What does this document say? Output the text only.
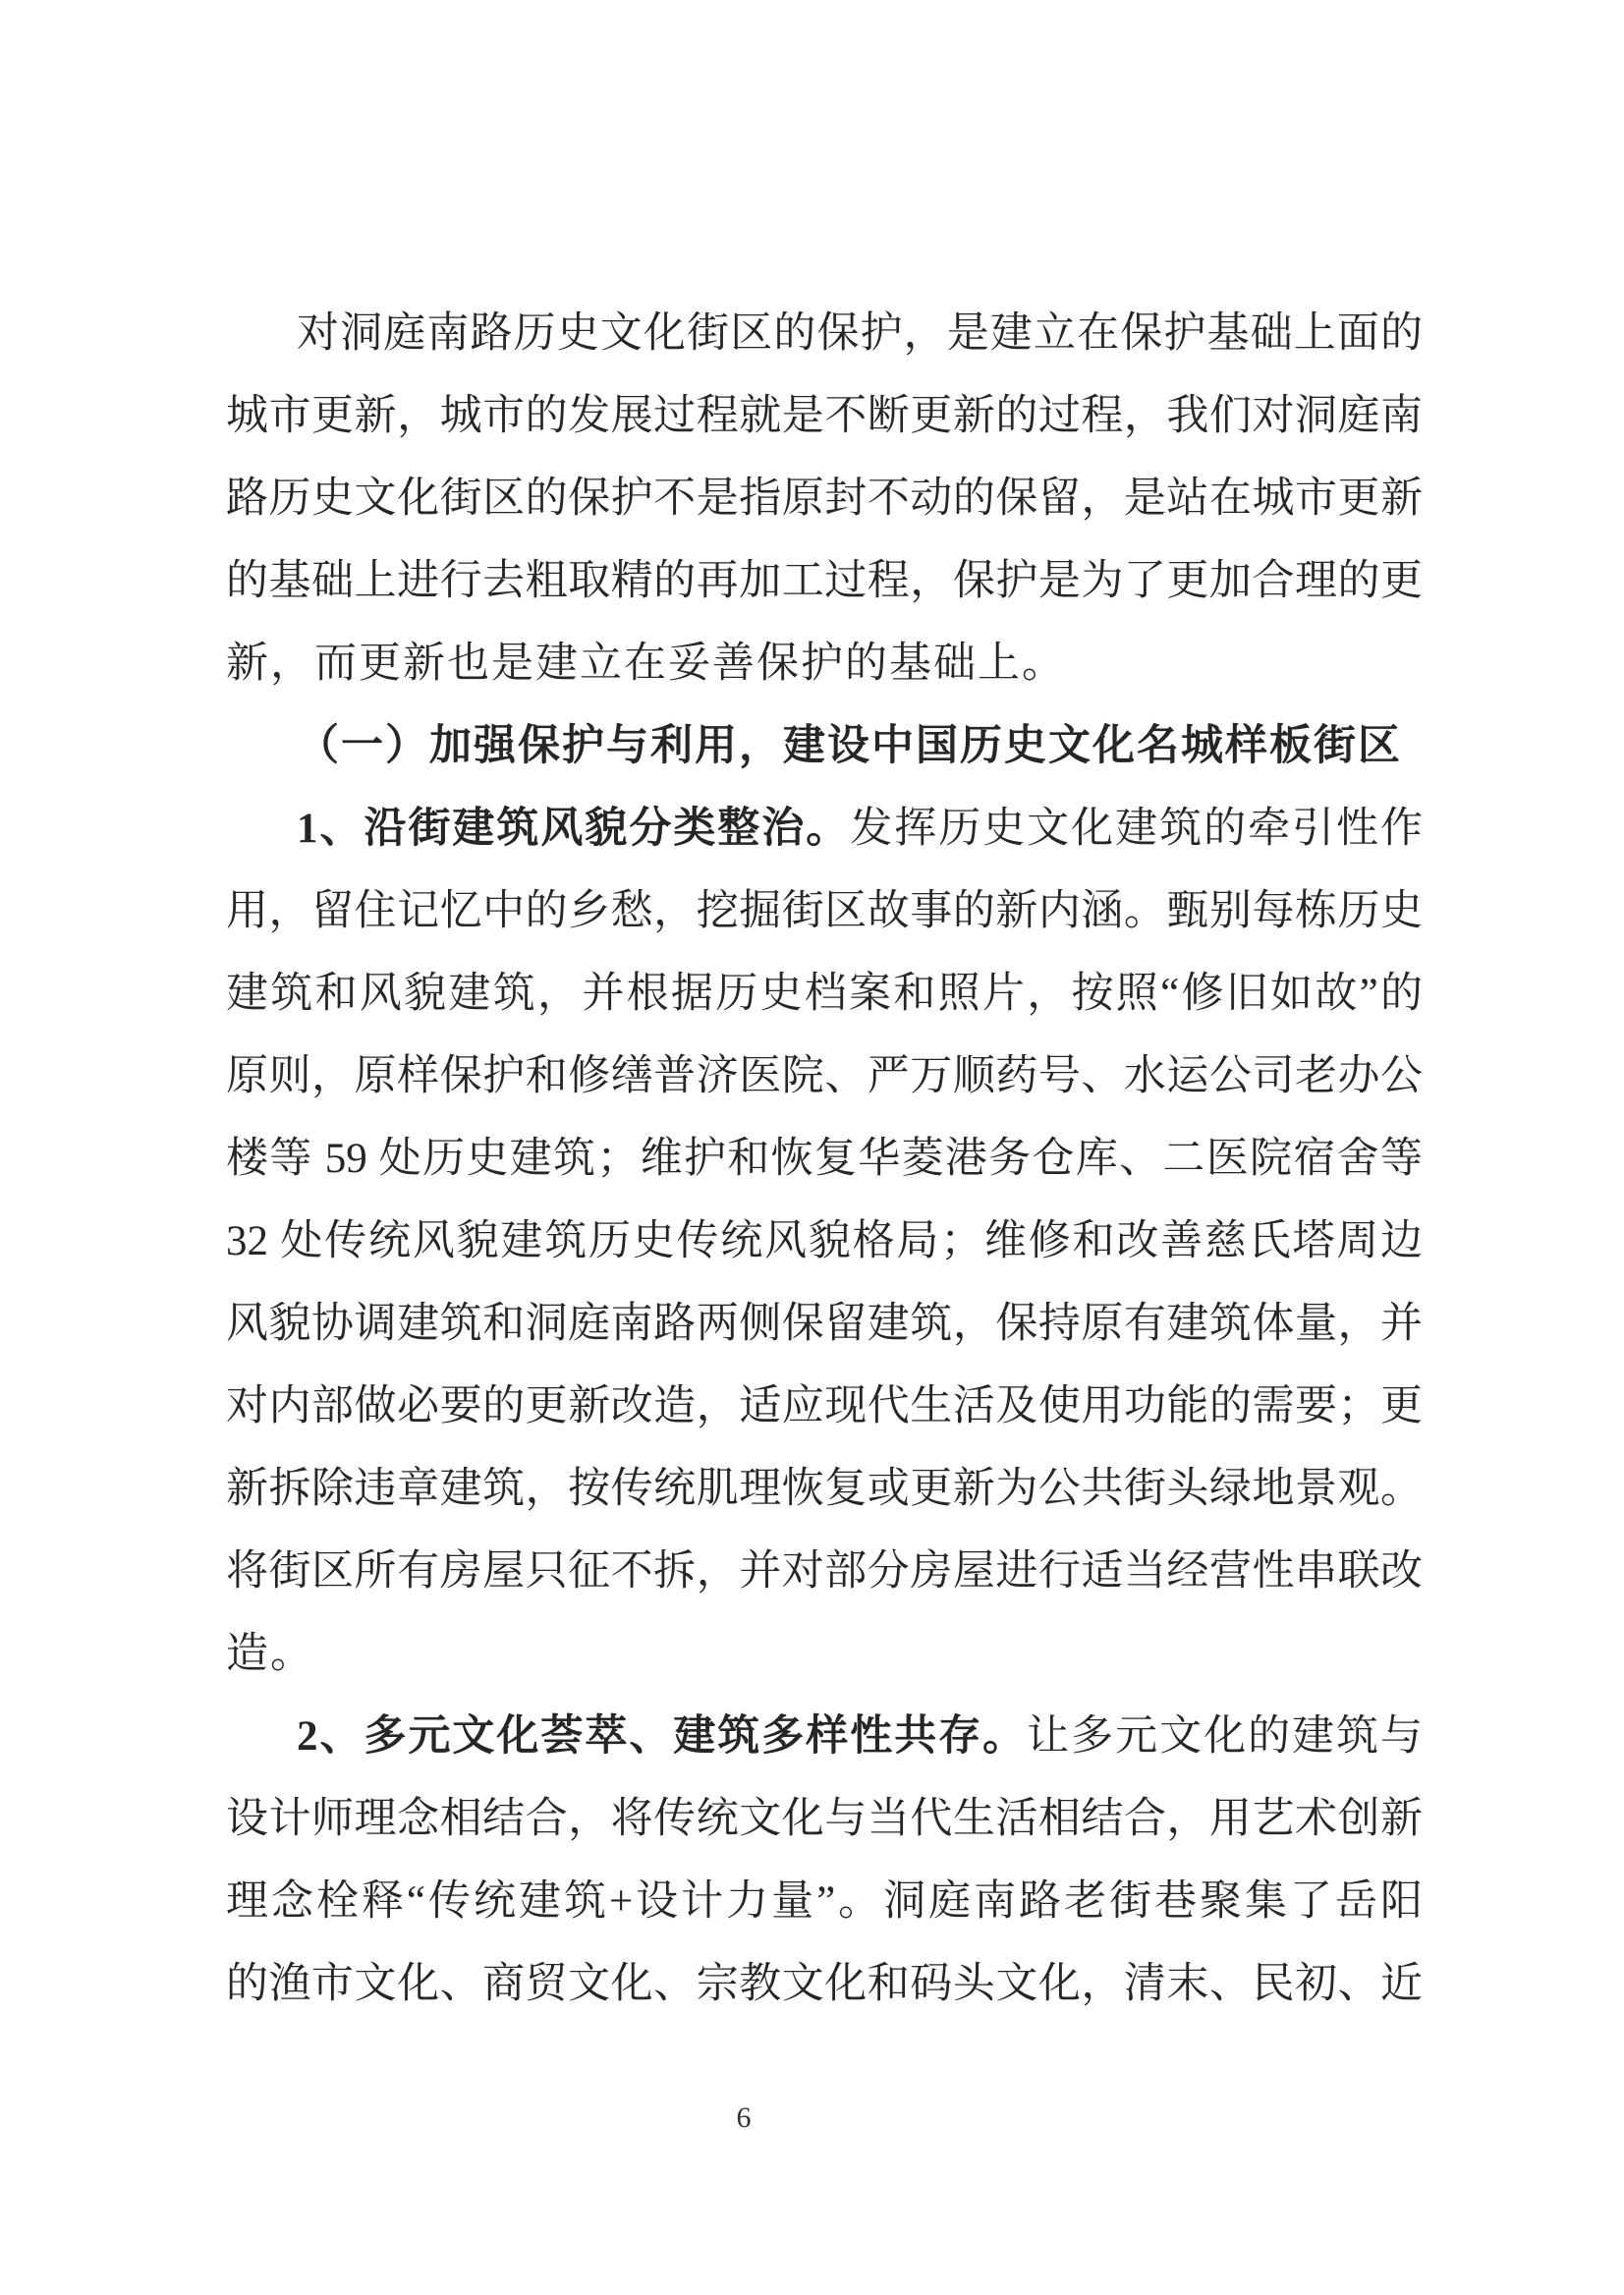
对洞庭南路历史文化街区的保护，是建立在保护基础上面的
城市更新，城市的发展过程就是不断更新的过程，我们对洞庭南
路历史文化街区的保护不是指原封不动的保留，是站在城市更新
的基础上进行去粗取精的再加工过程，保护是为了更加合理的更
新，而更新也是建立在妥善保护的基础上。
（一）加强保护与利用，建设中国历史文化名城样板街区
1、沿街建筑风貌分类整治。发挥历史文化建筑的牵引性作
用，留住记忆中的乡愁，挖掘街区故事的新内涵。甄别每栋历史
建筑和风貌建筑，并根据历史档案和照片，按照“修旧如故”的
原则，原样保护和修缮普济医院、严万顺药号、水运公司老办公
楼等 59 处历史建筑；维护和恢复华菱港务仓库、二医院宿舍等
32 处传统风貌建筑历史传统风貌格局；维修和改善慈氏塔周边
风貌协调建筑和洞庭南路两侧保留建筑，保持原有建筑体量，并
对内部做必要的更新改造，适应现代生活及使用功能的需要；更
新拆除违章建筑，按传统肌理恢复或更新为公共街头绿地景观。
将街区所有房屋只征不拆，并对部分房屋进行适当经营性串联改
造。
2、多元文化荟萃、建筑多样性共存。让多元文化的建筑与
设计师理念相结合，将传统文化与当代生活相结合，用艺术创新
理念栓释“传统建筑+设计力量”。洞庭南路老街巷聚集了岳阳
的渔市文化、商贸文化、宗教文化和码头文化，清末、民初、近
6
